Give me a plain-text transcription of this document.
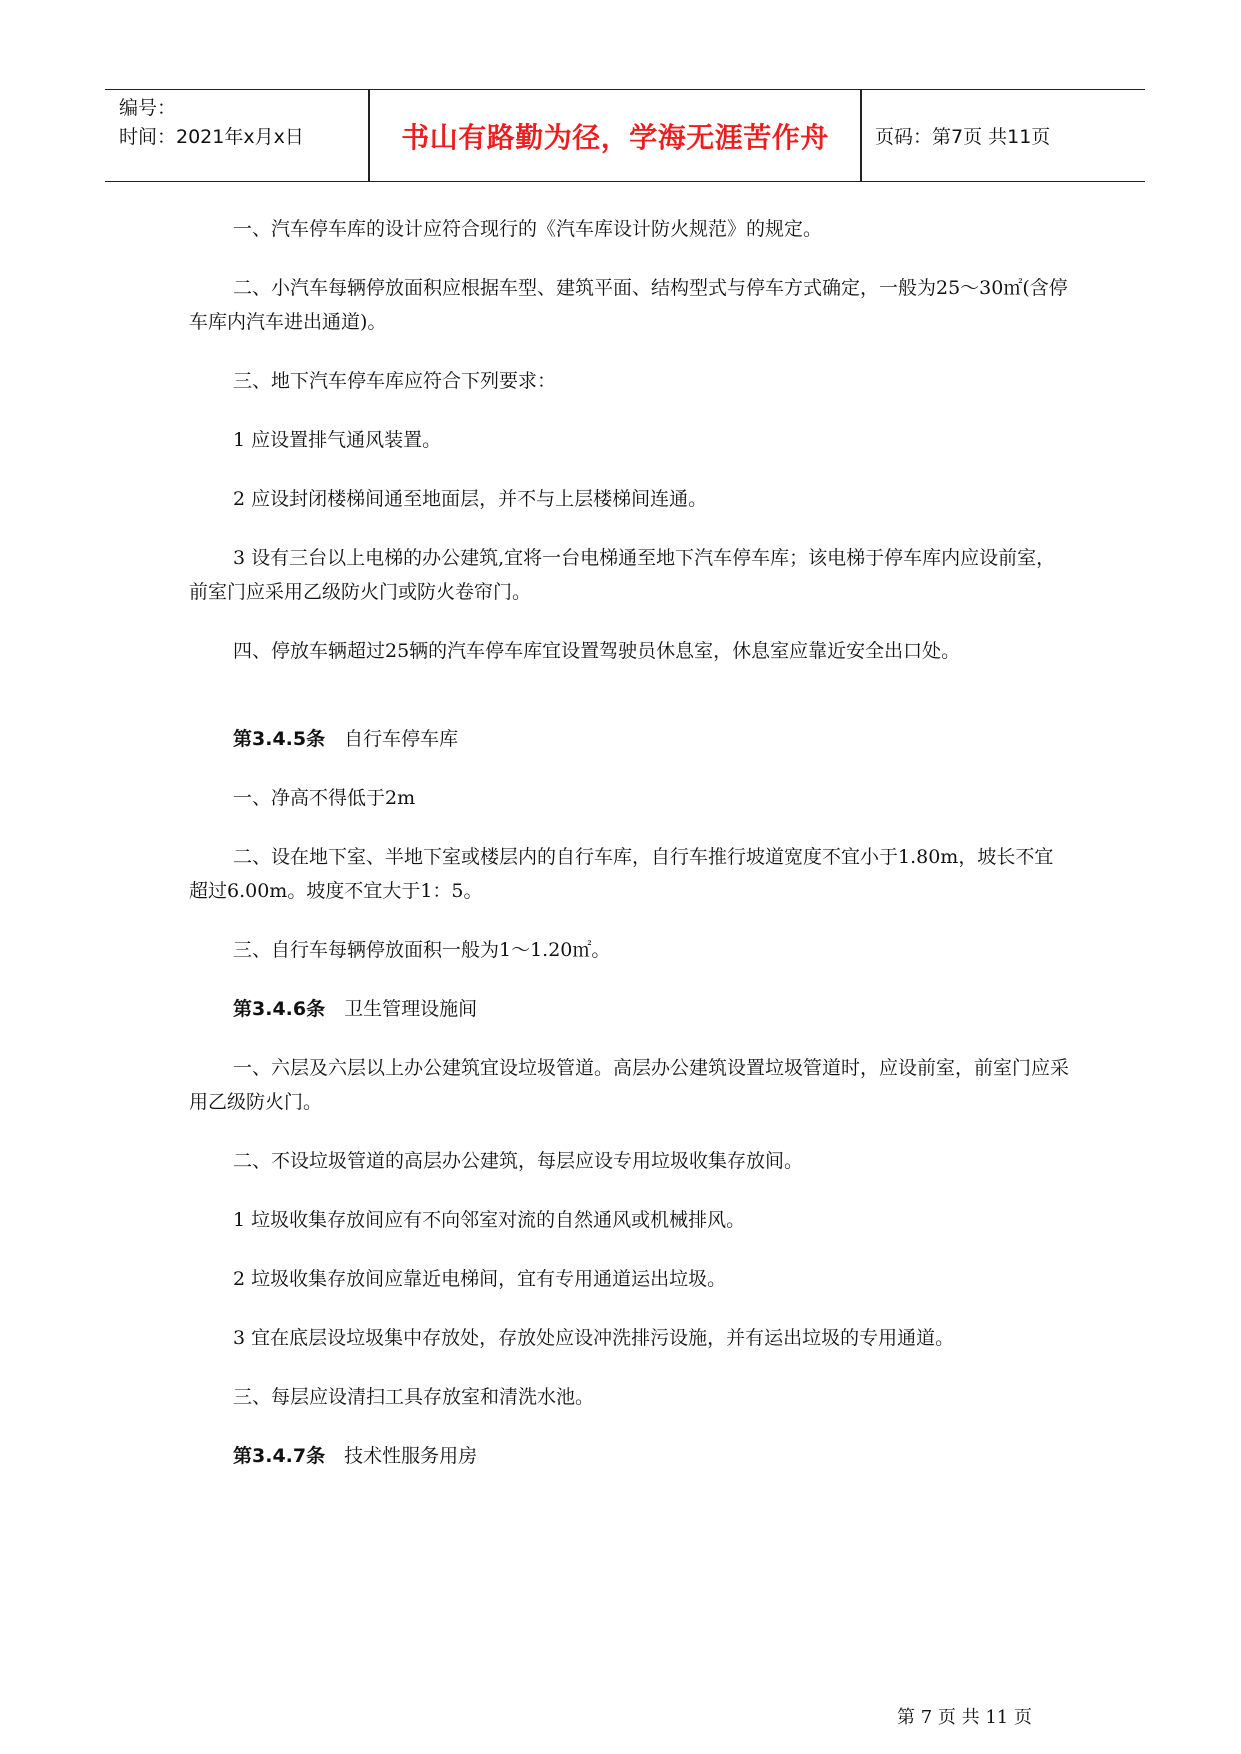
编号：
时间：2021年x月x日	书山有路勤为径，学海无涯苦作舟	页码：第7页 共11页

一、汽车停车库的设计应符合现行的《汽车库设计防火规范》的规定。

二、小汽车每辆停放面积应根据车型、建筑平面、结构型式与停车方式确定，一般为25～30㎡(含停车库内汽车进出通道)。

三、地下汽车停车库应符合下列要求：

1 应设置排气通风装置。

2 应设封闭楼梯间通至地面层，并不与上层楼梯间连通。

3 设有三台以上电梯的办公建筑,宜将一台电梯通至地下汽车停车库；该电梯于停车库内应设前室，前室门应采用乙级防火门或防火卷帘门。

四、停放车辆超过25辆的汽车停车库宜设置驾驶员休息室，休息室应靠近安全出口处。

第3.4.5条  自行车停车库

一、净高不得低于2m

二、设在地下室、半地下室或楼层内的自行车库，自行车推行坡道宽度不宜小于1.80m，坡长不宜超过6.00m。坡度不宜大于1：5。

三、自行车每辆停放面积一般为1～1.20㎡。

第3.4.6条  卫生管理设施间

一、六层及六层以上办公建筑宜设垃圾管道。高层办公建筑设置垃圾管道时，应设前室，前室门应采用乙级防火门。

二、不设垃圾管道的高层办公建筑，每层应设专用垃圾收集存放间。

1 垃圾收集存放间应有不向邻室对流的自然通风或机械排风。

2 垃圾收集存放间应靠近电梯间，宜有专用通道运出垃圾。

3 宜在底层设垃圾集中存放处，存放处应设冲洗排污设施，并有运出垃圾的专用通道。

三、每层应设清扫工具存放室和清洗水池。

第3.4.7条  技术性服务用房

第 7 页 共 11 页
